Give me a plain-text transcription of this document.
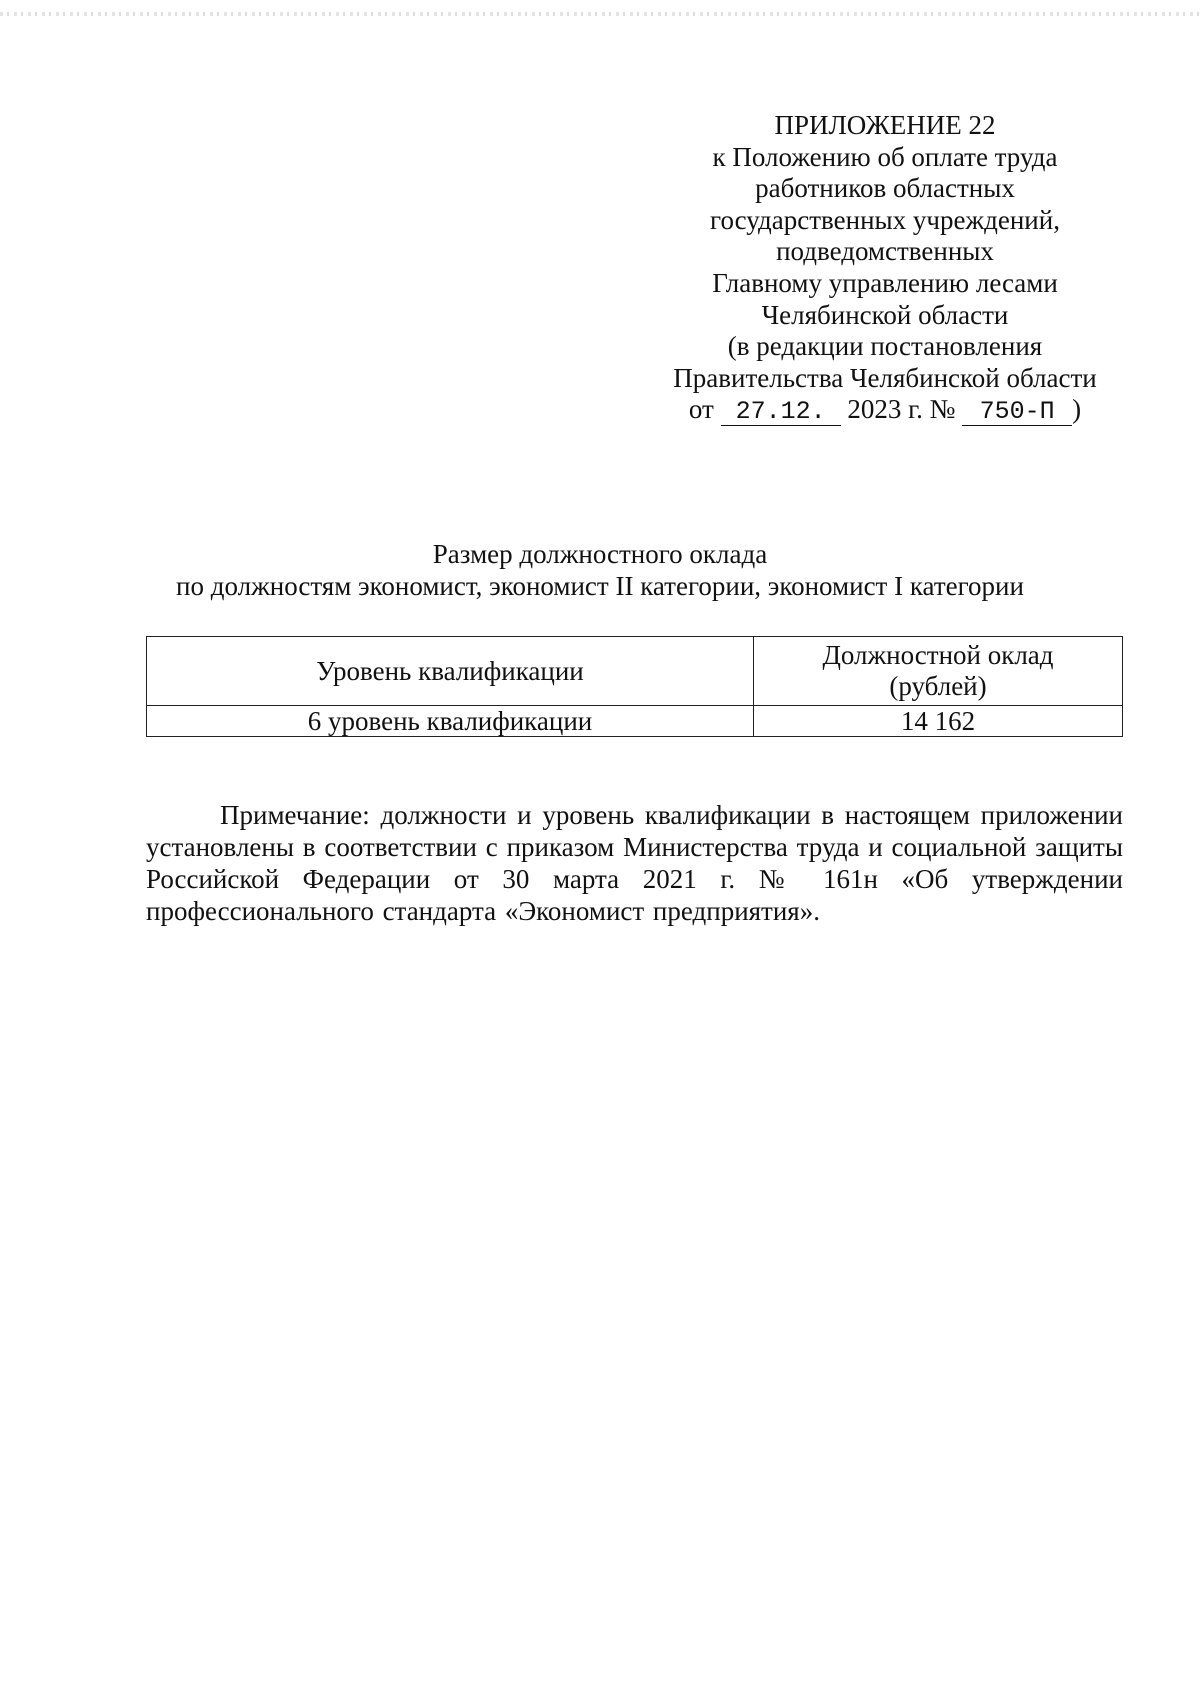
ПРИЛОЖЕНИЕ 22
к Положению об оплате труда
работников областных
государственных учреждений,
подведомственных
Главному управлению лесами
Челябинской области
(в редакции постановления
Правительства Челябинской области
от 27.12. 2023 г. № 750-П )
Размер должностного оклада
по должностям экономист, экономист II категории, экономист I категории
Уровень квалификации	Должностной оклад
(рублей)
6 уровень квалификации	14 162

Примечание: должности и уровень квалификации в настоящем приложении установлены в соответствии с приказом Министерства труда и социальной защиты Российской Федерации от 30 марта 2021 г. № 161н «Об утверждении профессионального стандарта «Экономист предприятия».
